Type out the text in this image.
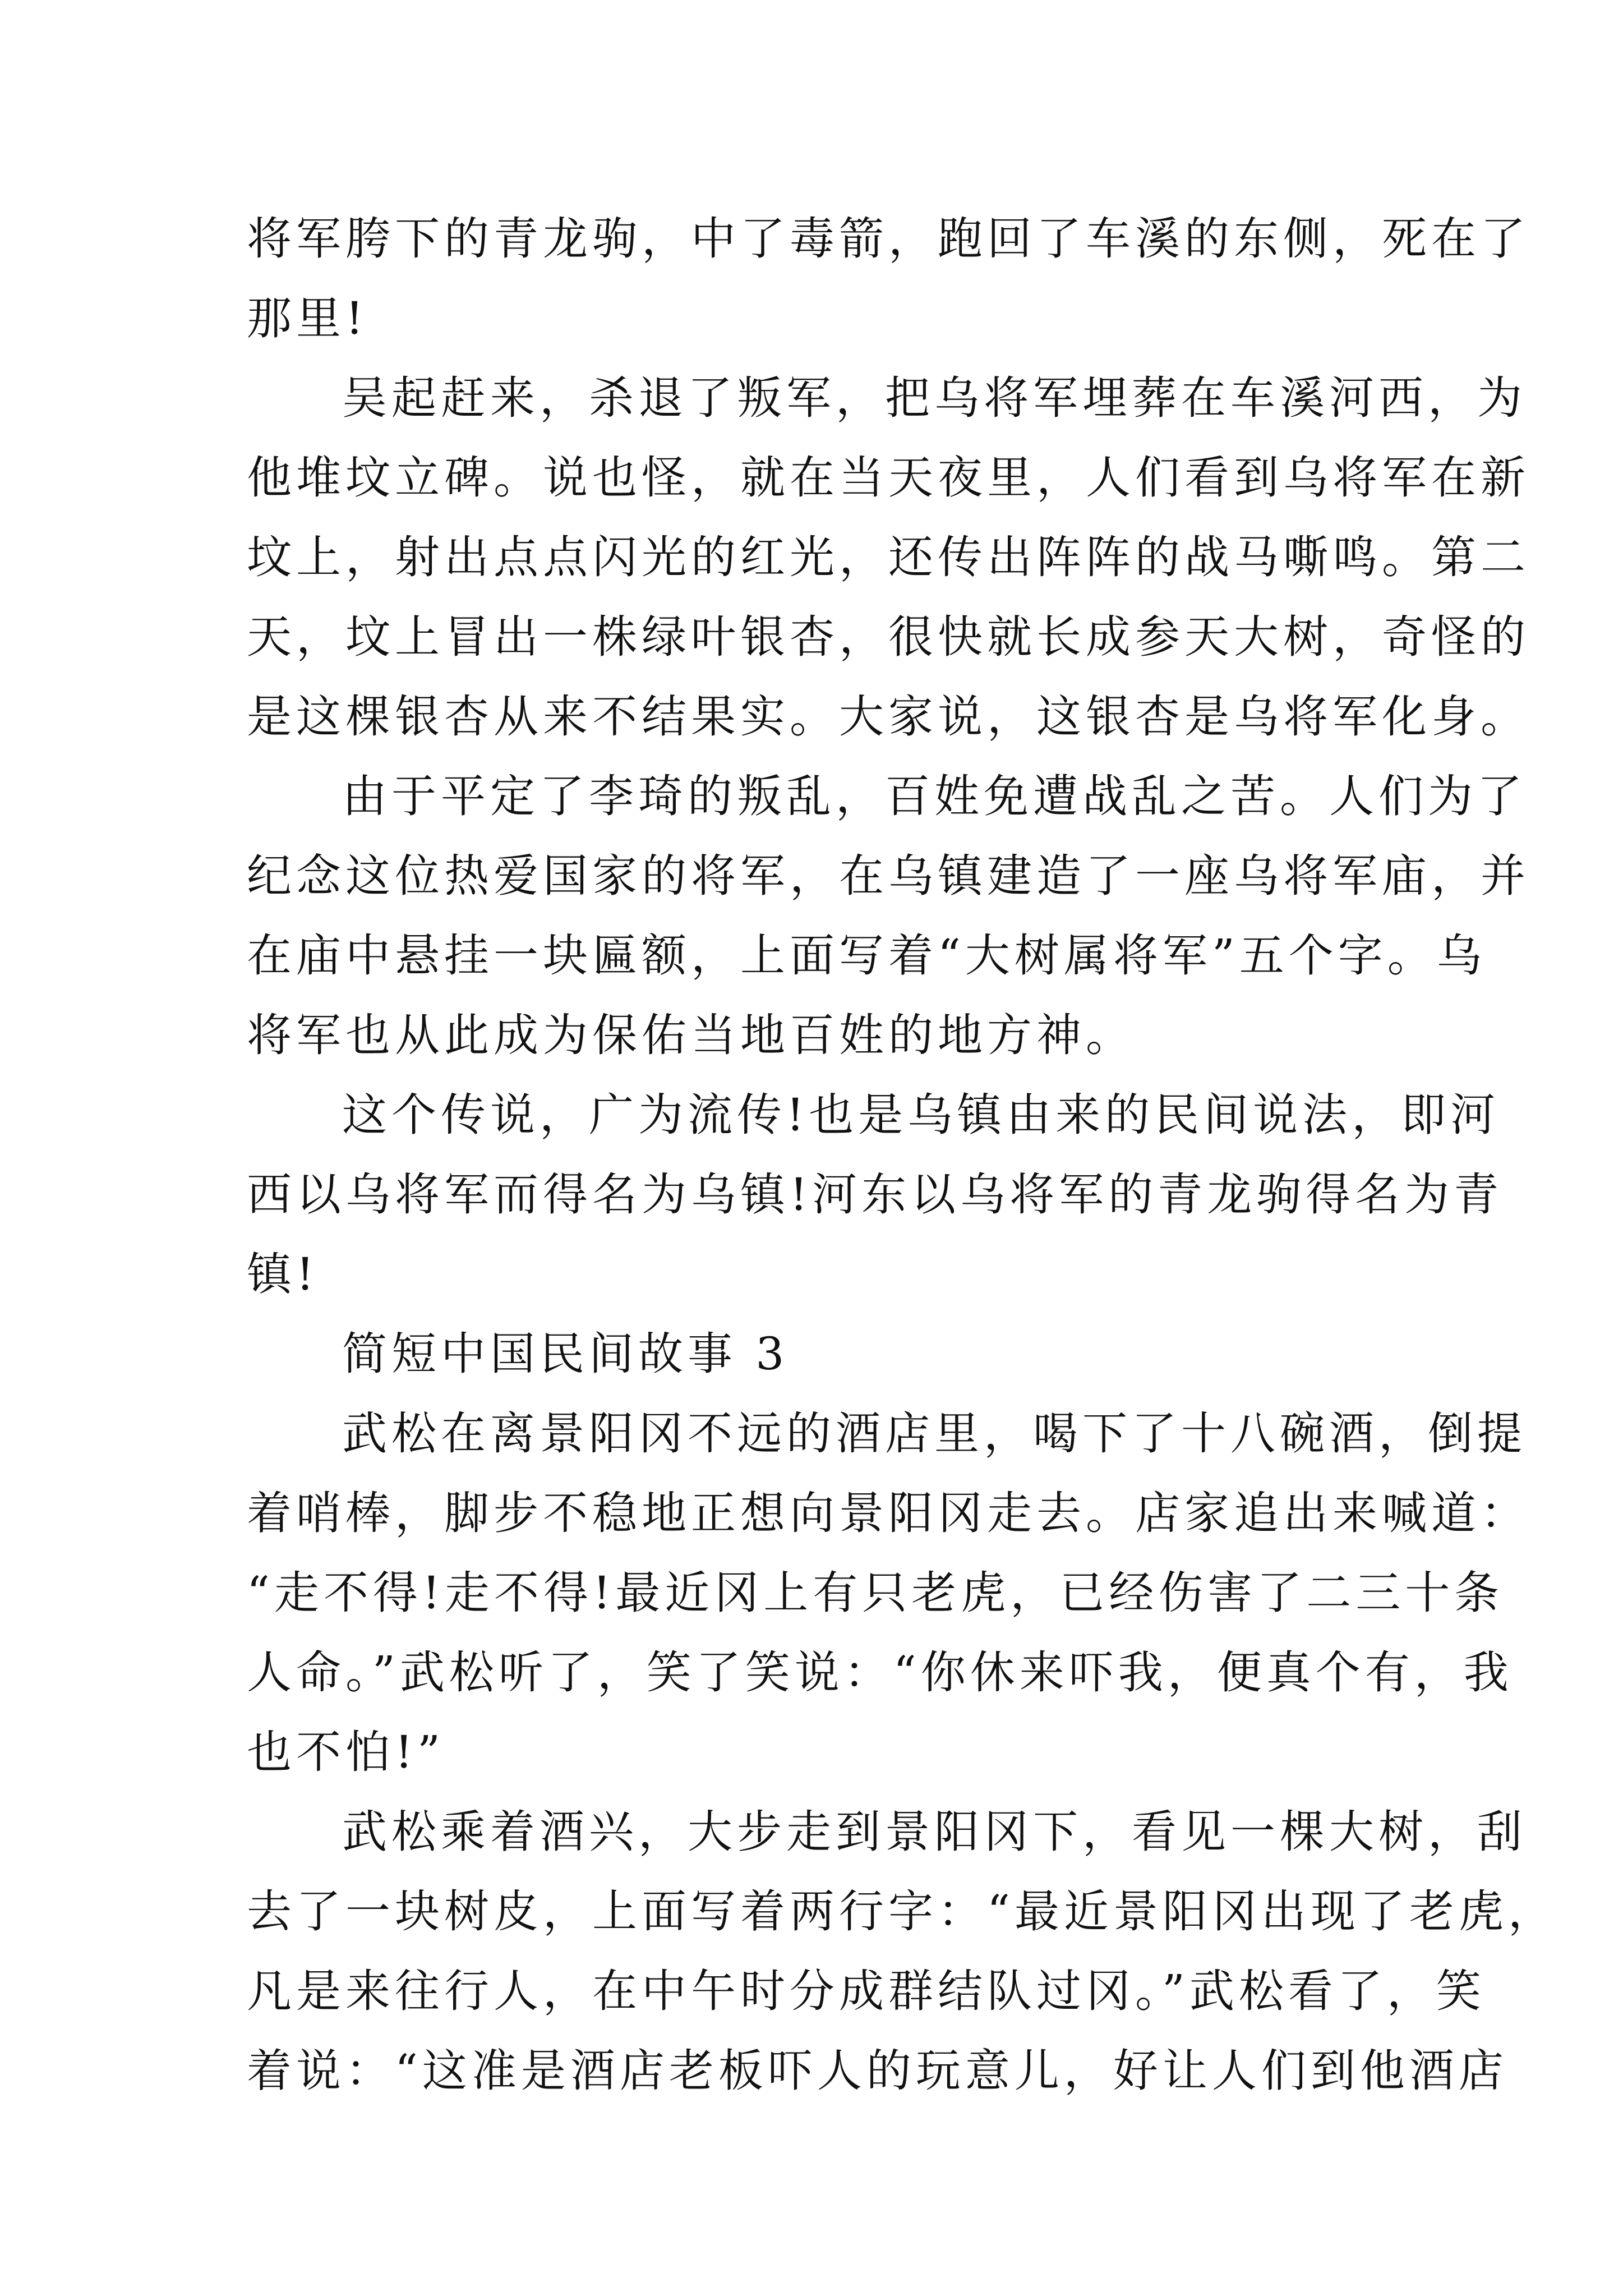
将军胯下的青龙驹，中了毒箭，跑回了车溪的东侧，死在了
那里!
吴起赶来，杀退了叛军，把乌将军埋葬在车溪河西，为
他堆坟立碑。说也怪，就在当天夜里，人们看到乌将军在新
坟上，射出点点闪光的红光，还传出阵阵的战马嘶鸣。第二
天，坟上冒出一株绿叶银杏，很快就长成参天大树，奇怪的
是这棵银杏从来不结果实。大家说，这银杏是乌将军化身。
由于平定了李琦的叛乱，百姓免遭战乱之苦。人们为了
纪念这位热爱国家的将军，在乌镇建造了一座乌将军庙，并
在庙中悬挂一块匾额，上面写着“大树属将军”五个字。乌
将军也从此成为保佑当地百姓的地方神。
这个传说，广为流传!也是乌镇由来的民间说法，即河
西以乌将军而得名为乌镇!河东以乌将军的青龙驹得名为青
镇!
简短中国民间故事 3
武松在离景阳冈不远的酒店里，喝下了十八碗酒，倒提
着哨棒，脚步不稳地正想向景阳冈走去。店家追出来喊道：
“走不得!走不得!最近冈上有只老虎，已经伤害了二三十条
人命。”武松听了，笑了笑说：“你休来吓我，便真个有，我
也不怕!”
武松乘着酒兴，大步走到景阳冈下，看见一棵大树，刮
去了一块树皮，上面写着两行字：“最近景阳冈出现了老虎，
凡是来往行人，在中午时分成群结队过冈。”武松看了，笑
着说：“这准是酒店老板吓人的玩意儿，好让人们到他酒店
